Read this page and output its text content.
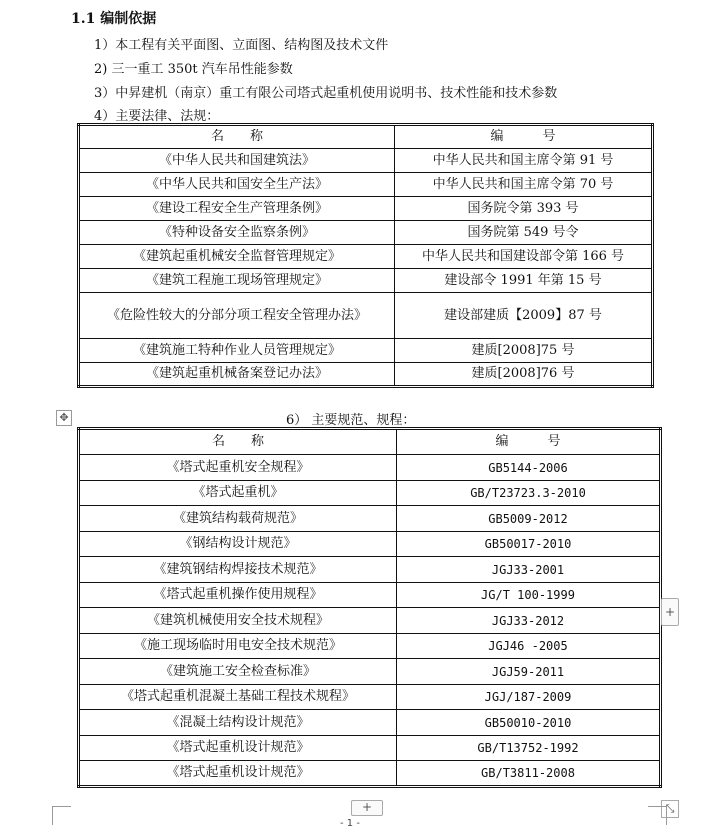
1.1 编制依据
1）本工程有关平面图、立面图、结构图及技术文件
2) 三一重工 350t 汽车吊性能参数
3）中昇建机（南京）重工有限公司塔式起重机使用说明书、技术性能和技术参数
4）主要法律、法规：
名　　称	编　　　号
《中华人民共和国建筑法》	中华人民共和国主席令第 91 号
《中华人民共和国安全生产法》	中华人民共和国主席令第 70 号
《建设工程安全生产管理条例》	国务院令第 393 号
《特种设备安全监察条例》	国务院第 549 号令
《建筑起重机械安全监督管理规定》	中华人民共和国建设部令第 166 号
《建筑工程施工现场管理规定》	建设部令 1991 年第 15 号
《危险性较大的分部分项工程安全管理办法》	建设部建质【2009】87 号
《建筑施工特种作业人员管理规定》	建质[2008]75 号
《建筑起重机械备案登记办法》	建质[2008]76 号
6） 主要规范、规程：
名　　称	编　　　号
《塔式起重机安全规程》	GB5144-2006
《塔式起重机》	GB/T23723.3-2010
《建筑结构载荷规范》	GB5009-2012
《钢结构设计规范》	GB50017-2010
《建筑钢结构焊接技术规范》	JGJ33-2001
《塔式起重机操作使用规程》	JG/T 100-1999
《建筑机械使用安全技术规程》	JGJ33-2012
《施工现场临时用电安全技术规范》	JGJ46 -2005
《建筑施工安全检查标准》	JGJ59-2011
《塔式起重机混凝土基础工程技术规程》	JGJ/187-2009
《混凝土结构设计规范》	GB50010-2010
《塔式起重机设计规范》	GB/T13752-1992
《塔式起重机设计规范》	GB/T3811-2008
✥
+
+	⤡
- 1 -
